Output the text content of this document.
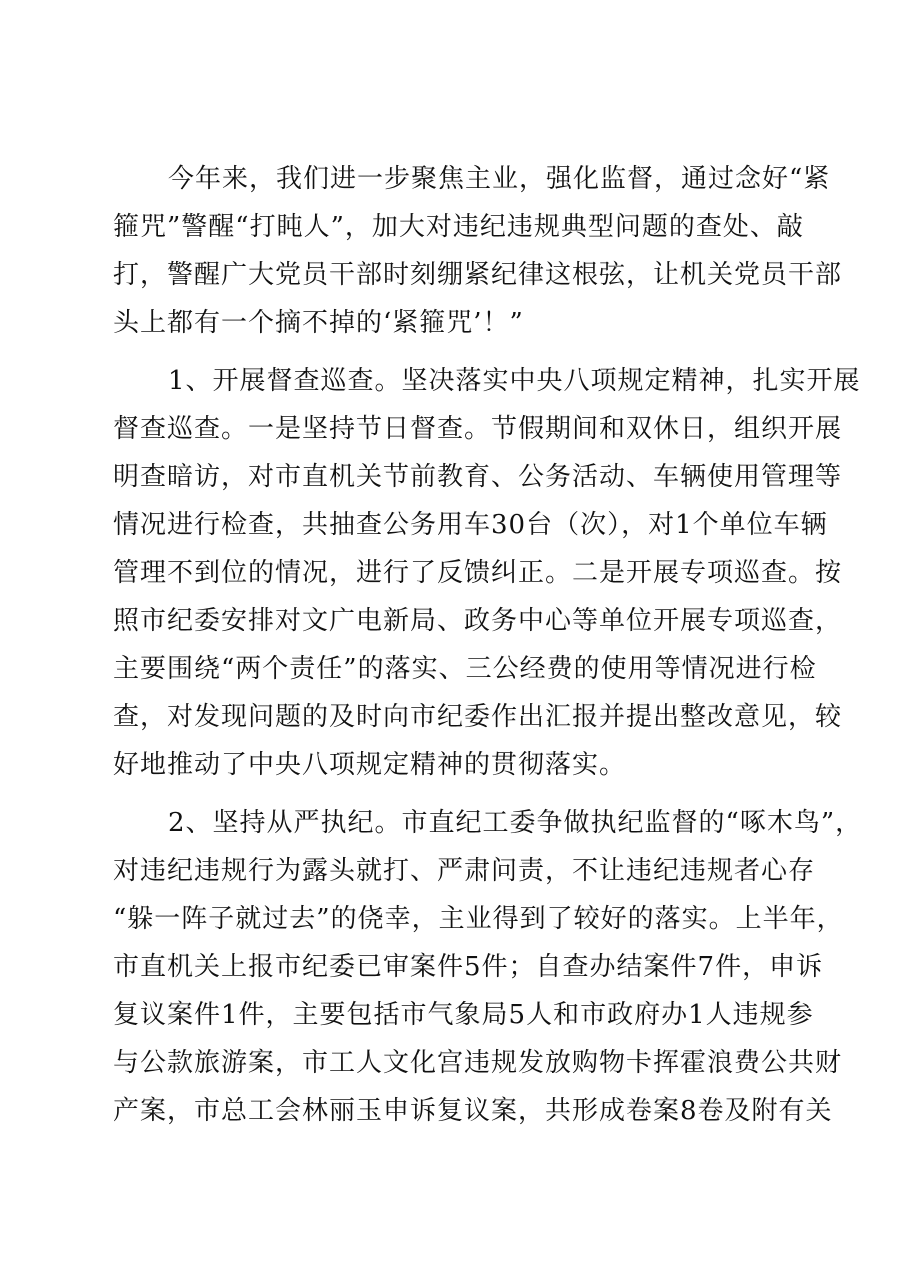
今年来，我们进一步聚焦主业，强化监督，通过念好“紧
箍咒”警醒“打盹人”，加大对违纪违规典型问题的查处、敲
打，警醒广大党员干部时刻绷紧纪律这根弦，让机关党员干部
头上都有一个摘不掉的‘紧箍咒’！”
1、开展督查巡查。坚决落实中央八项规定精神，扎实开展
督查巡查。一是坚持节日督查。节假期间和双休日，组织开展
明查暗访，对市直机关节前教育、公务活动、车辆使用管理等
情况进行检查，共抽查公务用车30台（次），对1个单位车辆
管理不到位的情况，进行了反馈纠正。二是开展专项巡查。按
照市纪委安排对文广电新局、政务中心等单位开展专项巡查，
主要围绕“两个责任”的落实、三公经费的使用等情况进行检
查，对发现问题的及时向市纪委作出汇报并提出整改意见，较
好地推动了中央八项规定精神的贯彻落实。
2、坚持从严执纪。市直纪工委争做执纪监督的“啄木鸟”，
对违纪违规行为露头就打、严肃问责，不让违纪违规者心存
“躲一阵子就过去”的侥幸，主业得到了较好的落实。上半年，
市直机关上报市纪委已审案件5件；自查办结案件7件，申诉
复议案件1件，主要包括市气象局5人和市政府办1人违规参
与公款旅游案，市工人文化宫违规发放购物卡挥霍浪费公共财
产案，市总工会林丽玉申诉复议案，共形成卷案8卷及附有关
